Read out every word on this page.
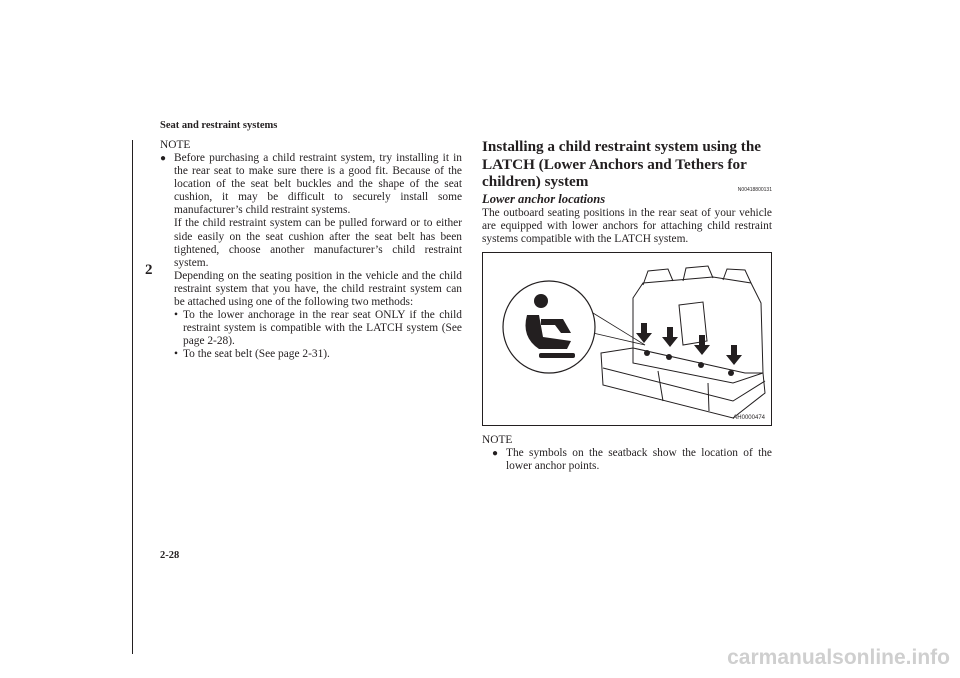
Seat and restraint systems
2
NOTE
● Before purchasing a child restraint system, try installing it in the rear seat to make sure there is a good fit. Because of the location of the seat belt buckles and the shape of the seat cushion, it may be difficult to securely install some manufacturer’s child restraint systems.

If the child restraint system can be pulled forward or to either side easily on the seat cushion after the seat belt has been tightened, choose another manufacturer’s child restraint system.

Depending on the seating position in the vehicle and the child restraint system that you have, the child restraint system can be attached using one of the following two methods:

• To the lower anchorage in the rear seat ONLY if the child restraint system is compatible with the LATCH system (See page 2-28).
• To the seat belt (See page 2-31).
Installing a child restraint system using the LATCH (Lower Anchors and Tethers for children) system	N00418800131
Lower anchor locations

The outboard seating positions in the rear seat of your vehicle are equipped with lower anchors for attaching child restraint systems compatible with the LATCH system.

AH0000474
NOTE
● The symbols on the seatback show the location of the lower anchor points.
2-28
carmanualsonline.info
